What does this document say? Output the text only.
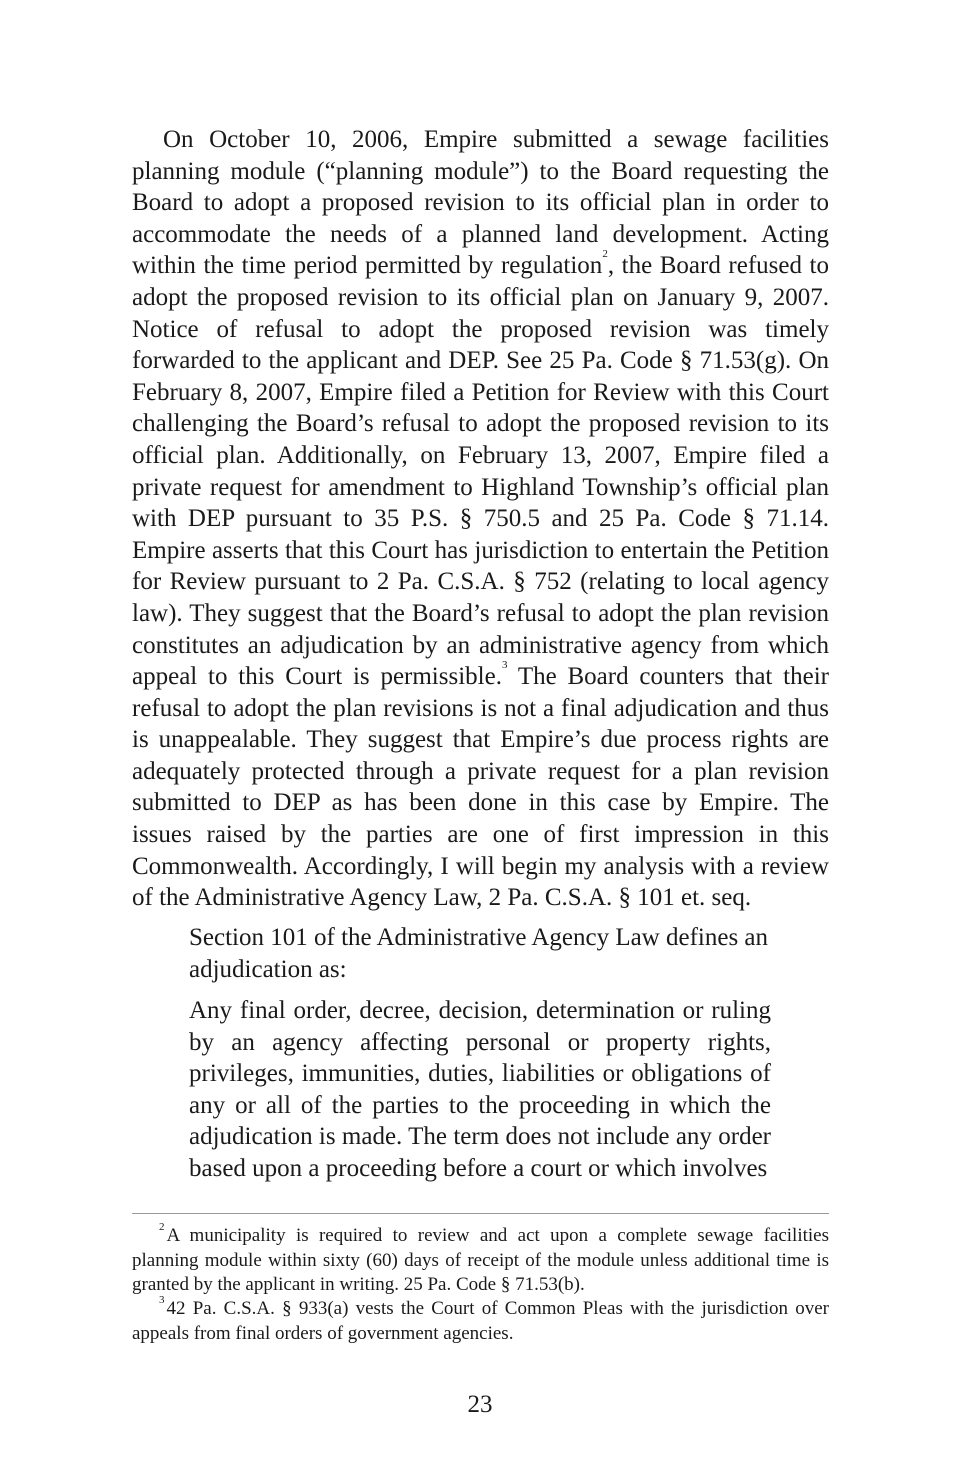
On October 10, 2006, Empire submitted a sewage facilities planning module (“planning module”) to the Board requesting the Board to adopt a proposed revision to its official plan in order to accommodate the needs of a planned land development. Acting within the time period permitted by regulation$^2$, the Board refused to adopt the proposed revision to its official plan on January 9, 2007. Notice of refusal to adopt the proposed revision was timely forwarded to the applicant and DEP. See 25 Pa. Code § 71.53(g). On February 8, 2007, Empire filed a Petition for Review with this Court challenging the Board’s refusal to adopt the proposed revision to its official plan. Additionally, on February 13, 2007, Empire filed a private request for amendment to Highland Township’s official plan with DEP pursuant to 35 P.S. § 750.5 and 25 Pa. Code § 71.14. Empire asserts that this Court has jurisdiction to entertain the Petition for Review pursuant to 2 Pa. C.S.A. § 752 (relating to local agency law). They suggest that the Board’s refusal to adopt the plan revision constitutes an adjudication by an administrative agency from which appeal to this Court is permissible.$^3$ The Board counters that their refusal to adopt the plan revisions is not a final adjudication and thus is unappealable. They suggest that Empire’s due process rights are adequately protected through a private request for a plan revision submitted to DEP as has been done in this case by Empire. The issues raised by the parties are one of first impression in this Commonwealth. Accordingly, I will begin my analysis with a review of the Administrative Agency Law, 2 Pa. C.S.A. § 101 et. seq.

Section 101 of the Administrative Agency Law defines an adjudication as:

Any final order, decree, decision, determination or ruling by an agency affecting personal or property rights, privileges, immunities, duties, liabilities or obligations of any or all of the parties to the proceeding in which the adjudication is made. The term does not include any order based upon a proceeding before a court or which involves

$^2$ A municipality is required to review and act upon a complete sewage facilities planning module within sixty (60) days of receipt of the module unless additional time is granted by the applicant in writing. 25 Pa. Code § 71.53(b).

$^3$ 42 Pa. C.S.A. § 933(a) vests the Court of Common Pleas with the jurisdiction over appeals from final orders of government agencies.

23
